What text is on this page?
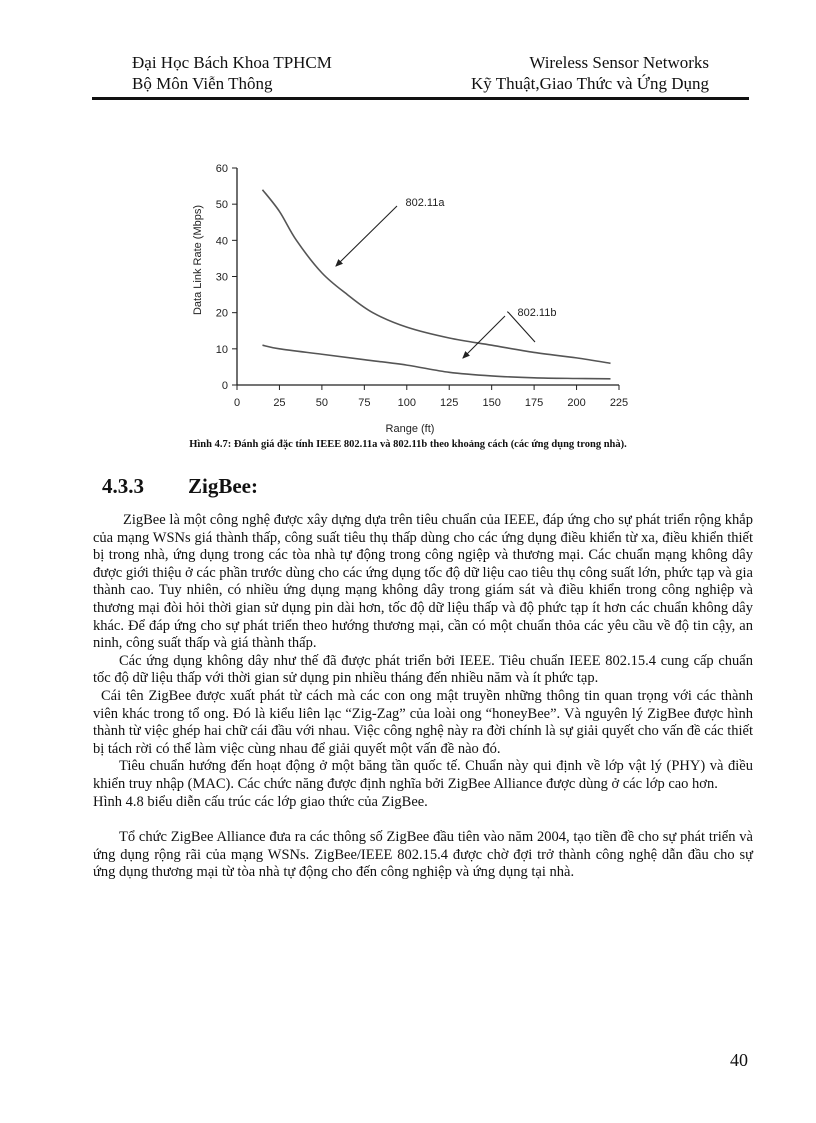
Đại Học Bách Khoa TPHCM	Wireless Sensor Networks
Bộ Môn Viễn Thông	Kỹ Thuật,Giao Thức và Ứng Dụng
0
10
20
30
40
50
60
0	25	50	75 100 125 150 175 200 225
802.11a
802.11b
Range (ft)
Data Link Rate (Mbps)
Hình 4.7: Đánh giá đặc tính IEEE 802.11a và 802.11b theo khoảng cách (các ứng dụng trong nhà).
4.3.3 ZigBee:

ZigBee là một công nghệ được xây dựng dựa trên tiêu chuẩn của IEEE, đáp ứng cho sự phát triển rộng khắp của mạng WSNs giá thành thấp, công suất tiêu thụ thấp dùng cho các ứng dụng điều khiển từ xa, điều khiển thiết bị trong nhà, ứng dụng trong các tòa nhà tự động trong công ngiệp và thương mại. Các chuẩn mạng không dây được giới thiệu ở các phần trước dùng cho các ứng dụng tốc độ dữ liệu cao tiêu thụ công suất lớn, phức tạp và gia thành cao. Tuy nhiên, có nhiều ứng dụng mạng không dây trong giám sát và điều khiển trong công nghiệp và thương mại đòi hỏi thời gian sử dụng pin dài hơn, tốc độ dữ liệu thấp và độ phức tạp ít hơn các chuẩn không dây khác. Để đáp ứng cho sự phát triển theo hướng thương mại, cần có một chuẩn thỏa các yêu cầu về độ tin cậy, an ninh, công suất thấp và giá thành thấp.

Các ứng dụng không dây như thế đã được phát triển bởi IEEE. Tiêu chuẩn IEEE 802.15.4 cung cấp chuẩn tốc độ dữ liệu thấp với thời gian sử dụng pin nhiều tháng đến nhiều năm và ít phức tạp.

Cái tên ZigBee được xuất phát từ cách mà các con ong mật truyền những thông tin quan trọng với các thành viên khác trong tổ ong. Đó là kiểu liên lạc “Zig-Zag” của loài ong “honeyBee”. Và nguyên lý ZigBee được hình thành từ việc ghép hai chữ cái đầu với nhau. Việc công nghệ này ra đời chính là sự giải quyết cho vấn đề các thiết bị tách rời có thể làm việc cùng nhau để giải quyết một vấn đề nào đó.

Tiêu chuẩn hướng đến hoạt động ở một băng tần quốc tế. Chuẩn này qui định về lớp vật lý (PHY) và điều khiển truy nhập (MAC). Các chức năng được định nghĩa bởi ZigBee Alliance được dùng ở các lớp cao hơn.

Hình 4.8 biểu diễn cấu trúc các lớp giao thức của ZigBee.

Tổ chức ZigBee Alliance đưa ra các thông số ZigBee đầu tiên vào năm 2004, tạo tiền đề cho sự phát triển và ứng dụng rộng rãi của mạng WSNs. ZigBee/IEEE 802.15.4 được chờ đợi trở thành công nghệ dẫn đầu cho sự ứng dụng thương mại từ tòa nhà tự động cho đến công nghiệp và ứng dụng tại nhà.

40
